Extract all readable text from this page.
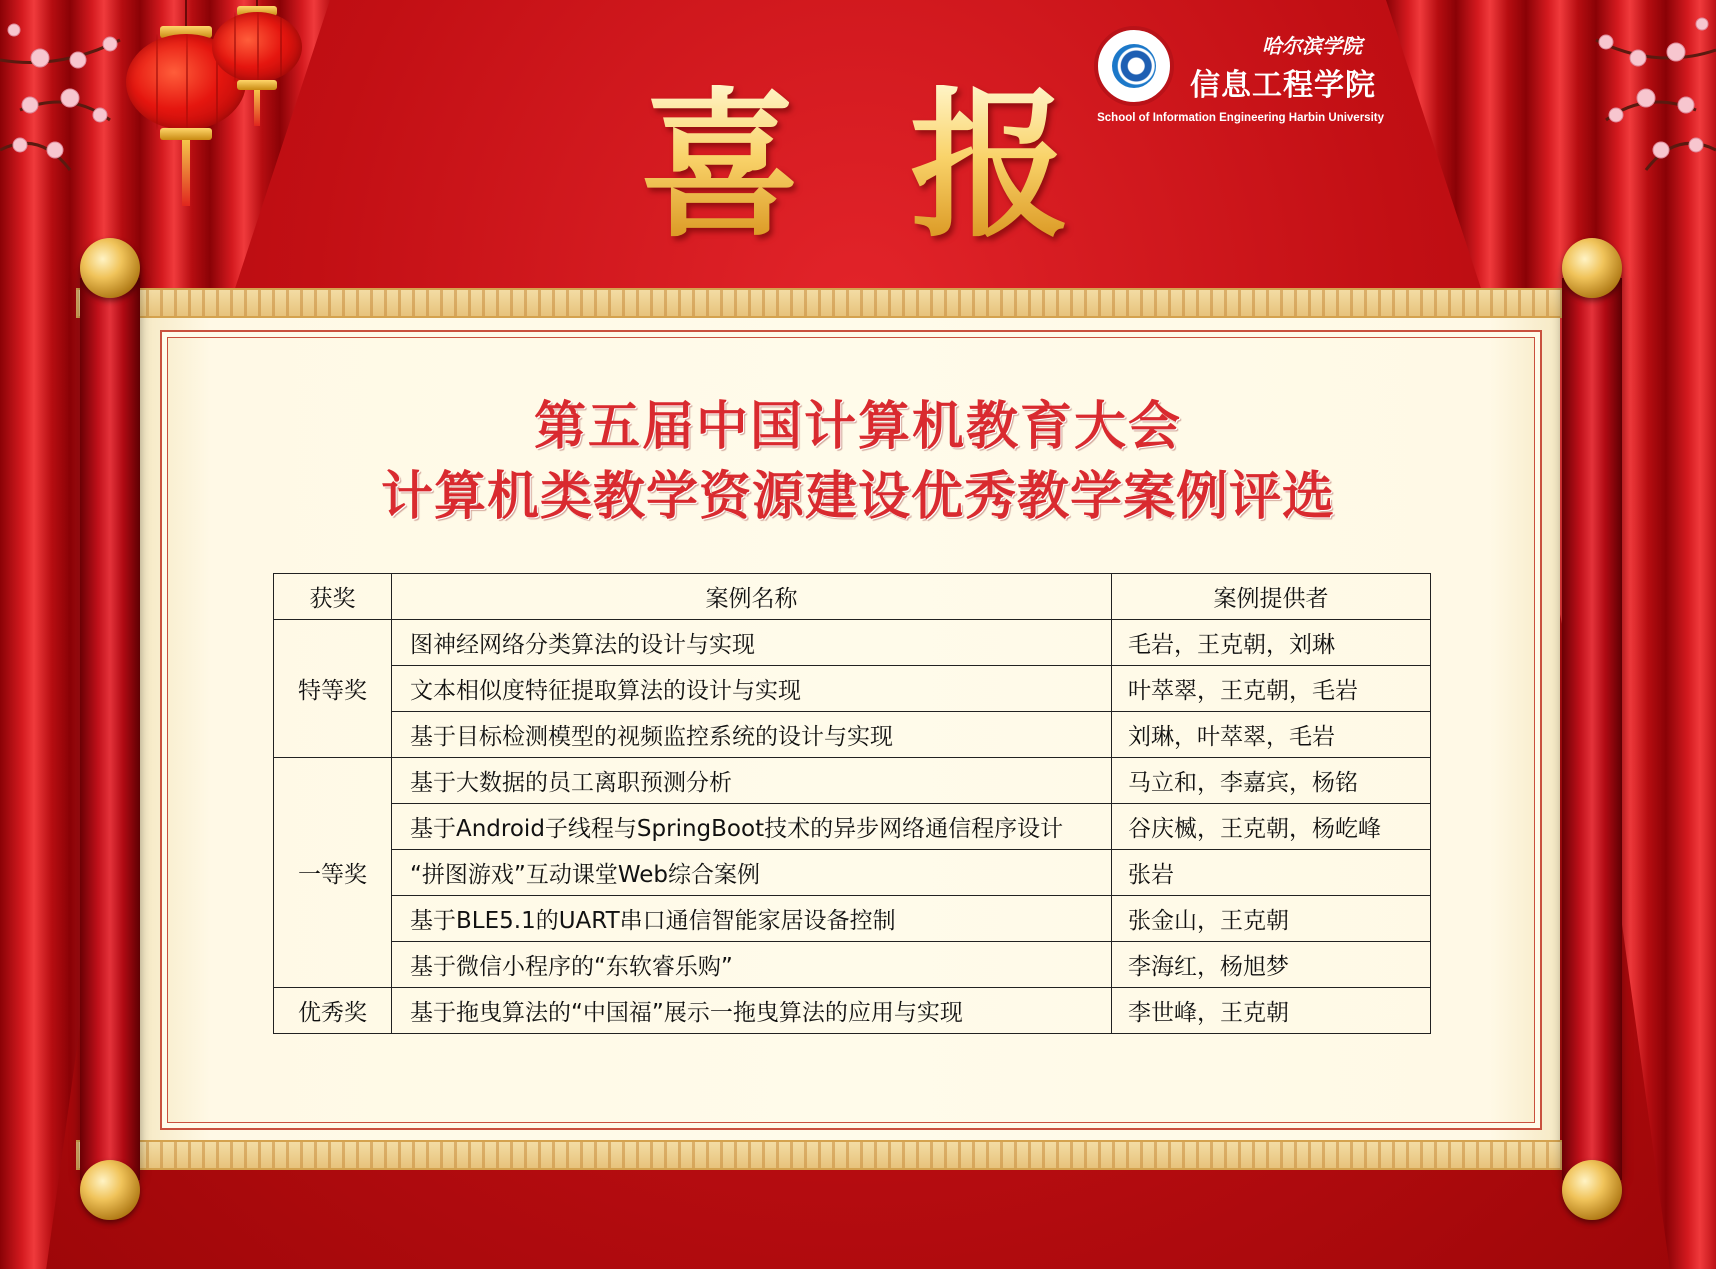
喜 报
哈尔滨学院
信息工程学院
School of Information Engineering Harbin University
第五届中国计算机教育大会
计算机类教学资源建设优秀教学案例评选
获奖	案例名称	案例提供者
特等奖	图神经网络分类算法的设计与实现	毛岩，王克朝，刘琳
	文本相似度特征提取算法的设计与实现	叶萃翠，王克朝，毛岩
	基于目标检测模型的视频监控系统的设计与实现	刘琳，叶萃翠，毛岩
一等奖	基于大数据的员工离职预测分析	马立和，李嘉宾，杨铭
	基于Android子线程与SpringBoot技术的异步网络通信程序设计	谷庆楲，王克朝，杨屹峰
	“拼图游戏”互动课堂Web综合案例	张岩
	基于BLE5.1的UART串口通信智能家居设备控制	张金山，王克朝
	基于微信小程序的“东软睿乐购”	李海红，杨旭梦
优秀奖	基于拖曳算法的“中国福”展示一拖曳算法的应用与实现	李世峰，王克朝
